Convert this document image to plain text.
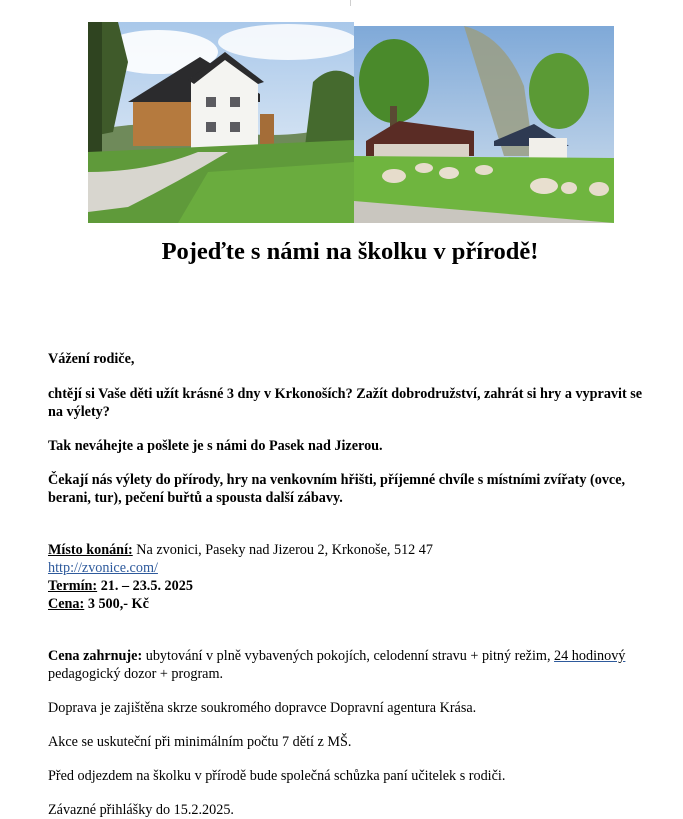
Pojeďte s námi na školku v přírodě!

Vážení rodiče,

chtějí si Vaše děti užít krásné 3 dny v Krkonoších? Zažít dobrodružství, zahrát si hry a vypravit se na výlety?

Tak neváhejte a pošlete je s námi do Pasek nad Jizerou.

Čekají nás výlety do přírody, hry na venkovním hřišti, příjemné chvíle s místními zvířaty (ovce, berani, tur), pečení buřtů a spousta další zábavy.

Místo konání: Na zvonici, Paseky nad Jizerou 2, Krkonoše, 512 47
http://zvonice.com/
Termín: 21. – 23.5. 2025
Cena: 3 500,- Kč

Cena zahrnuje: ubytování v plně vybavených pokojích, celodenní stravu + pitný režim, 24 hodinový pedagogický dozor + program.

Doprava je zajištěna skrze soukromého dopravce Dopravní agentura Krása.

Akce se uskuteční při minimálním počtu 7 dětí z MŠ.

Před odjezdem na školku v přírodě bude společná schůzka paní učitelek s rodiči.

Závazné přihlášky do 15.2.2025.
